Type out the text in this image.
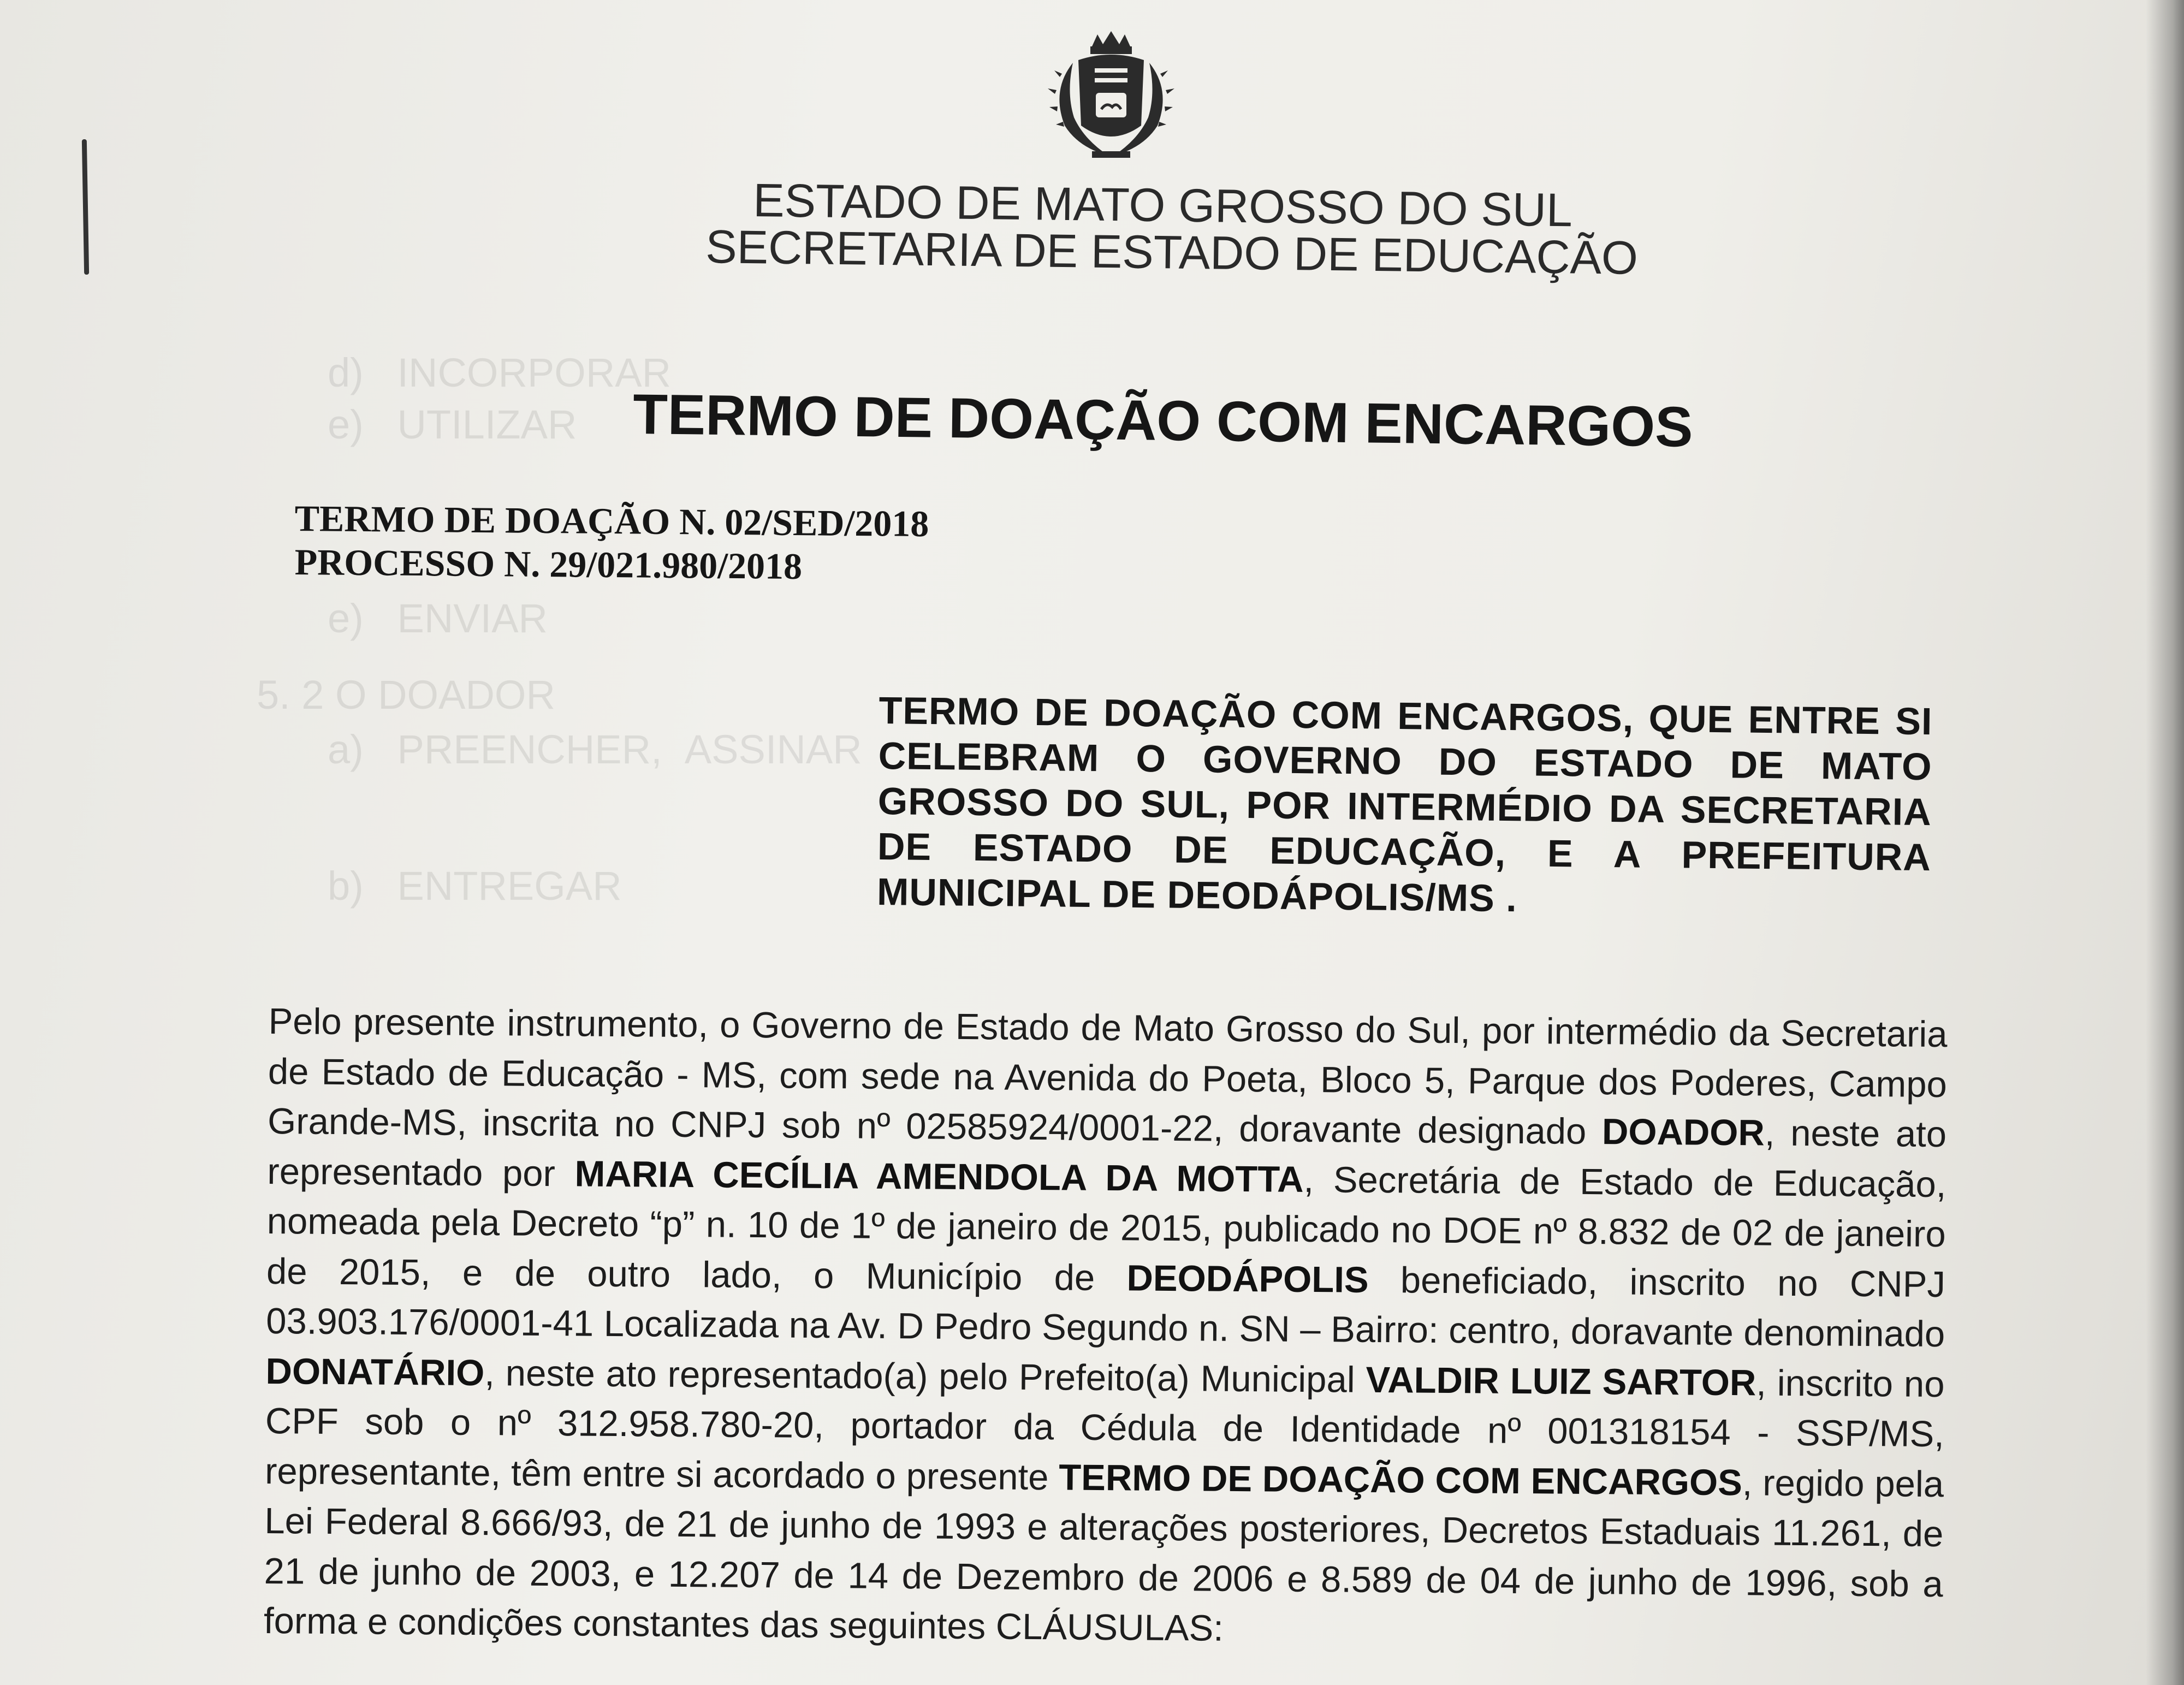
d)   INCORPORAR
e)   UTILIZAR
e)   ENVIAR
5. 2 O DOADOR
a)   PREENCHER,  ASSINAR
b)   ENTREGAR
ESTADO DE MATO GROSSO DO SUL
SECRETARIA DE ESTADO DE EDUCAÇÃO
TERMO DE DOAÇÃO COM ENCARGOS
TERMO DE DOAÇÃO N. 02/SED/2018
PROCESSO N. 29/021.980/2018
TERMO DE DOAÇÃO COM ENCARGOS, QUE ENTRE SI CELEBRAM O GOVERNO DO ESTADO DE MATO GROSSO DO SUL, POR INTERMÉDIO DA SECRETARIA DE ESTADO DE EDUCAÇÃO, E A PREFEITURA MUNICIPAL DE DEODÁPOLIS/MS .
Pelo presente instrumento, o Governo de Estado de Mato Grosso do Sul, por intermédio da Secretaria de Estado de Educação - MS, com sede na Avenida do Poeta, Bloco 5, Parque dos Poderes, Campo Grande-MS, inscrita no CNPJ sob nº 02585924/0001-22, doravante designado DOADOR, neste ato representado por MARIA CECÍLIA AMENDOLA DA MOTTA, Secretária de Estado de Educação, nomeada pela Decreto “p” n. 10 de 1º de janeiro de 2015, publicado no DOE nº 8.832 de 02 de janeiro de 2015, e de outro lado, o Município de DEODÁPOLIS beneficiado, inscrito no CNPJ 03.903.176/0001-41 Localizada na Av. D Pedro Segundo n. SN – Bairro: centro, doravante denominado DONATÁRIO, neste ato representado(a) pelo Prefeito(a) Municipal VALDIR LUIZ SARTOR, inscrito no CPF sob o nº 312.958.780-20, portador da Cédula de Identidade nº 001318154 - SSP/MS, representante, têm entre si acordado o presente TERMO DE DOAÇÃO COM ENCARGOS, regido pela Lei Federal 8.666/93, de 21 de junho de 1993 e alterações posteriores, Decretos Estaduais 11.261, de 21 de junho de 2003, e 12.207 de 14 de Dezembro de 2006 e 8.589 de 04 de junho de 1996, sob a forma e condições constantes das seguintes CLÁUSULAS:
